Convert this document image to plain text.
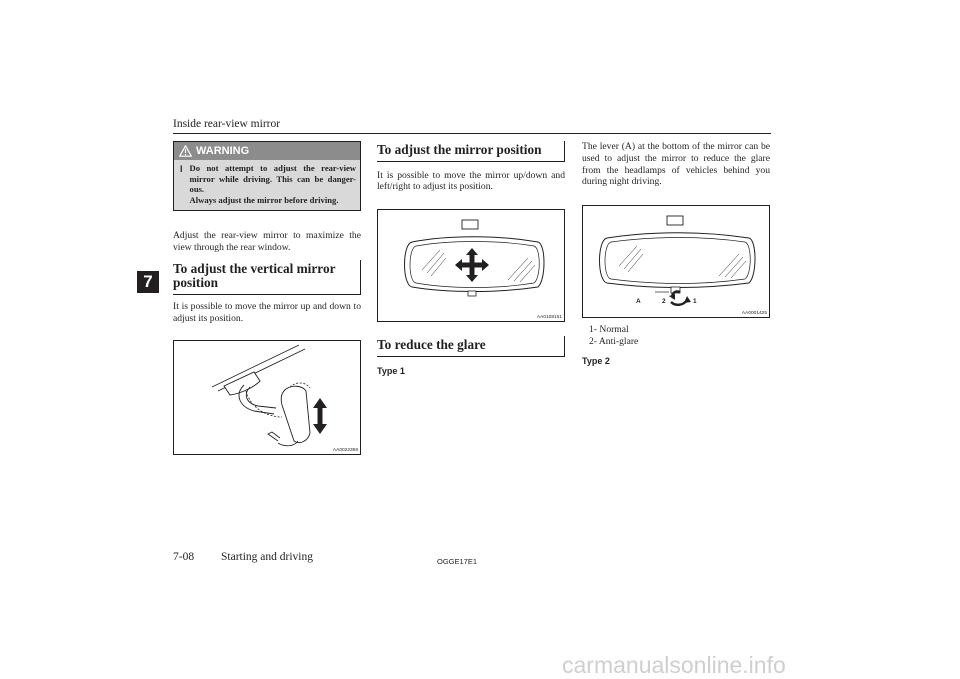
Inside rear-view mirror
7
WARNING
l Do not attempt to adjust the rear-view mirror while driving. This can be danger-ous.
Always adjust the mirror before driving.

Adjust the rear-view mirror to maximize the view through the rear window.

To adjust the vertical mirror position

It is possible to move the mirror up and down to adjust its position.

AA0022369
To adjust the mirror position

It is possible to move the mirror up/down and left/right to adjust its position.

AA0108151
To reduce the glare
Type 1

The lever (A) at the bottom of the mirror can be used to adjust the mirror to reduce the glare from the headlamps of vehicles behind you during night driving.

A	2	1
AA0001425
1- Normal
2- Anti-glare
Type 2
7-08 Starting and driving	OGGE17E1
carmanualsonline.info
